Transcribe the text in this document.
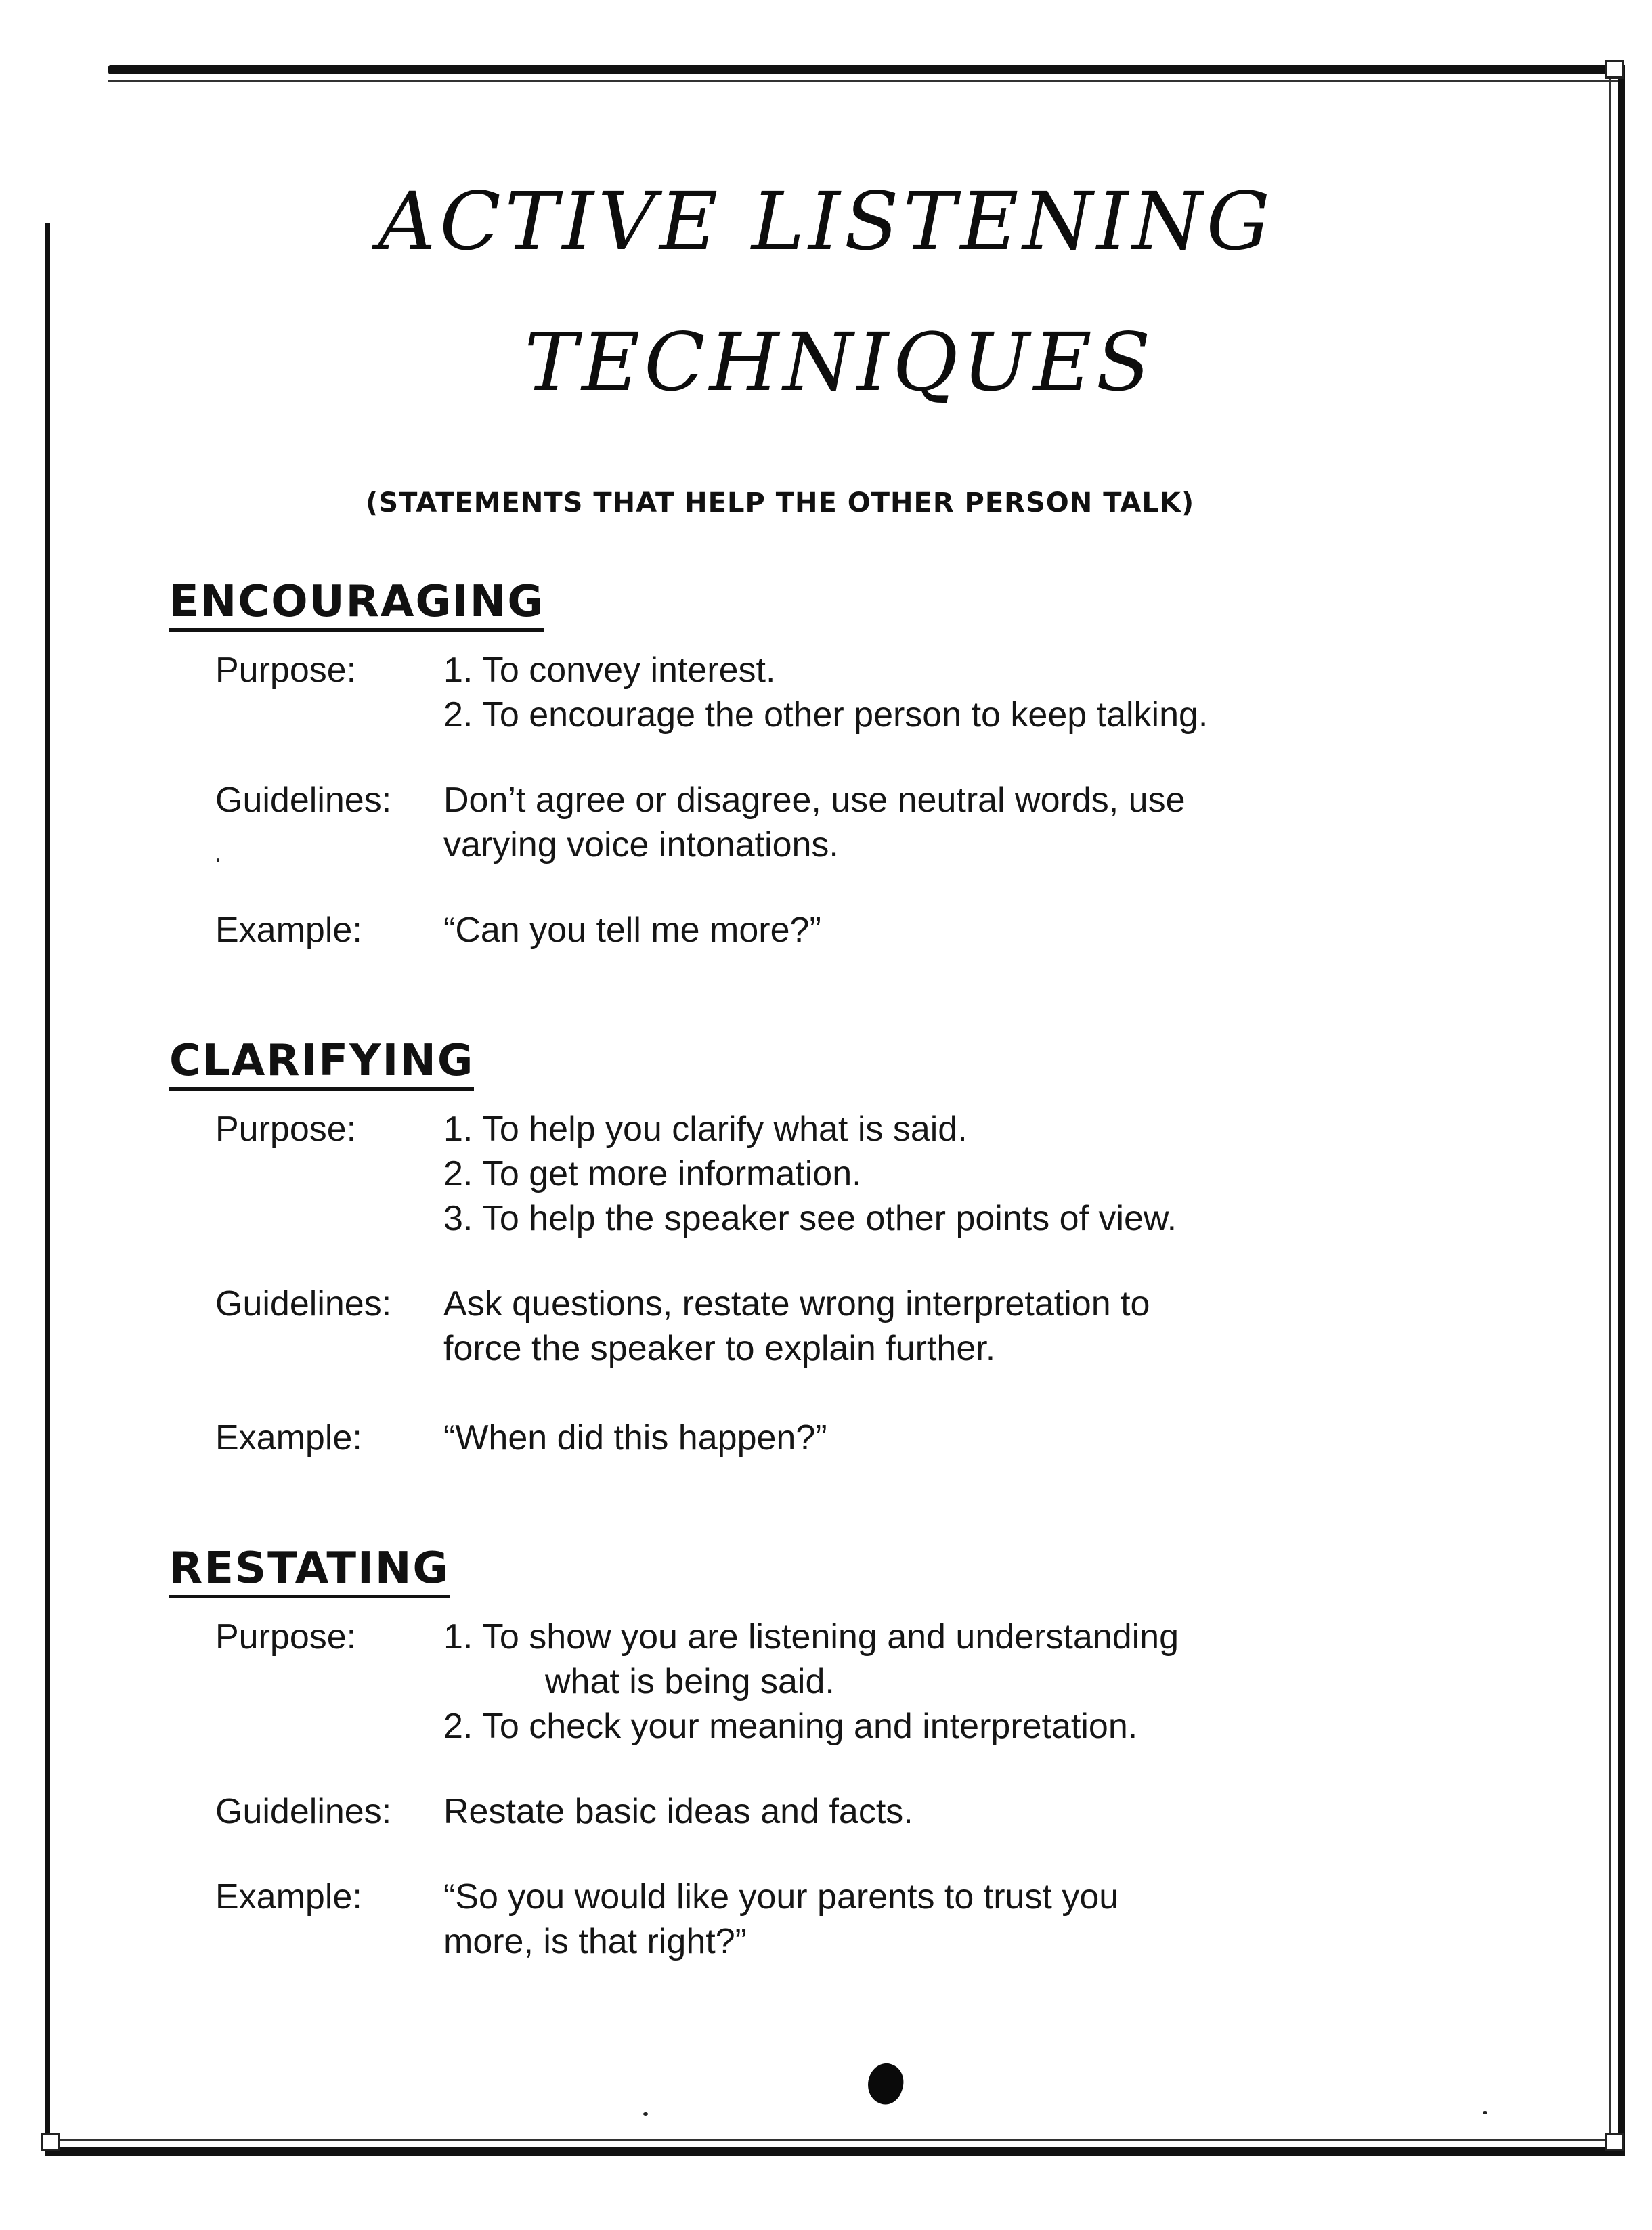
ACTIVE LISTENING
TECHNIQUES
(STATEMENTS THAT HELP THE OTHER PERSON TALK)
ENCOURAGING
Purpose:	1. To convey interest.
2. To encourage the other person to keep talking.
Guidelines:	Don’t agree or disagree, use neutral words, use
varying voice intonations.
Example:	“Can you tell me more?”
CLARIFYING
Purpose:	1. To help you clarify what is said.
2. To get more information.
3. To help the speaker see other points of view.
Guidelines:	Ask questions, restate wrong interpretation to
force the speaker to explain further.
Example:	“When did this happen?”
RESTATING
Purpose:	1. To show you are listening and understanding
what is being said.
2. To check your meaning and interpretation.
Guidelines:	Restate basic ideas and facts.
Example:	“So you would like your parents to trust you
more, is that right?”
